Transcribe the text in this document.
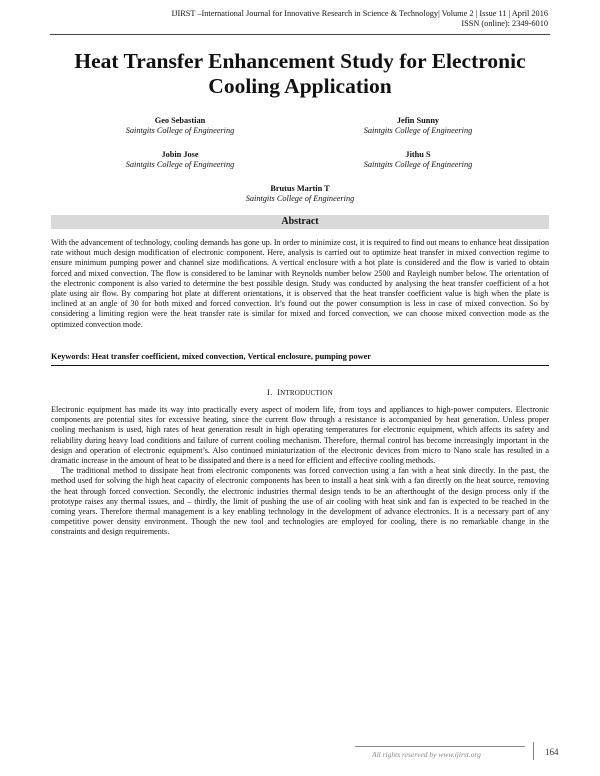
IJIRST –International Journal for Innovative Research in Science & Technology| Volume 2 | Issue 11 | April 2016
ISSN (online): 2349-6010
Heat Transfer Enhancement Study for Electronic
Cooling Application
Geo Sebastian
Saintgits College of Engineering
Jefin Sunny
Saintgits College of Engineering
Jobin Jose
Saintgits College of Engineering
Jithu S
Saintgits College of Engineering
Brutus Martin T
Saintgits College of Engineering
Abstract

With the advancement of technology, cooling demands has gone up. In order to minimize cost, it is required to find out means to enhance heat dissipation rate without much design modification of electronic component. Here, analysis is carried out to optimize heat transfer in mixed convection regime to ensure minimum pumping power and channel size modifications. A vertical enclosure with a hot plate is considered and the flow is varied to obtain forced and mixed convection. The flow is considered to be laminar with Reynolds number below 2500 and Rayleigh number below. The orientation of the electronic component is also varied to determine the best possible design. Study was conducted by analysing the heat transfer coefficient of a hot plate using air flow. By comparing hot plate at different orientations, it is observed that the heat transfer coefficient value is high when the plate is inclined at an angle of 30 for both mixed and forced convection. It’s found out the power consumption is less in case of mixed convection. So by considering a limiting region were the heat transfer rate is similar for mixed and forced convection, we can choose mixed convection mode as the optimized convection mode.

Keywords: Heat transfer coefficient, mixed convection, Vertical enclosure, pumping power

I. INTRODUCTION

Electronic equipment has made its way into practically every aspect of modern life, from toys and appliances to high-power computers. Electronic components are potential sites for excessive heating, since the current flow through a resistance is accompanied by heat generation. Unless proper cooling mechanism is used, high rates of heat generation result in high operating temperatures for electronic equipment, which affects its safety and reliability during heavy load conditions and failure of current cooling mechanism. Therefore, thermal control has become increasingly important in the design and operation of electronic equipment’s. Also continued miniaturization of the electronic devices from micro to Nano scale has resulted in a dramatic increase in the amount of heat to be dissipated and there is a need for efficient and effective cooling methods.

The traditional method to dissipate heat from electronic components was forced convection using a fan with a heat sink directly. In the past, the method used for solving the high heat capacity of electronic components has been to install a heat sink with a fan directly on the heat source, removing the heat through forced convection. Secondly, the electronic industries thermal design tends to be an afterthought of the design process only if the prototype raises any thermal issues, and – thirdly, the limit of pushing the use of air cooling with heat sink and fan is expected to be reached in the coming years. Therefore thermal management is a key enabling technology in the development of advance electronics. It is a necessary part of any competitive power density environment. Though the new tool and technologies are employed for cooling, there is no remarkable change in the constraints and design requirements.

All rights reserved by www.ijirst.org	164
